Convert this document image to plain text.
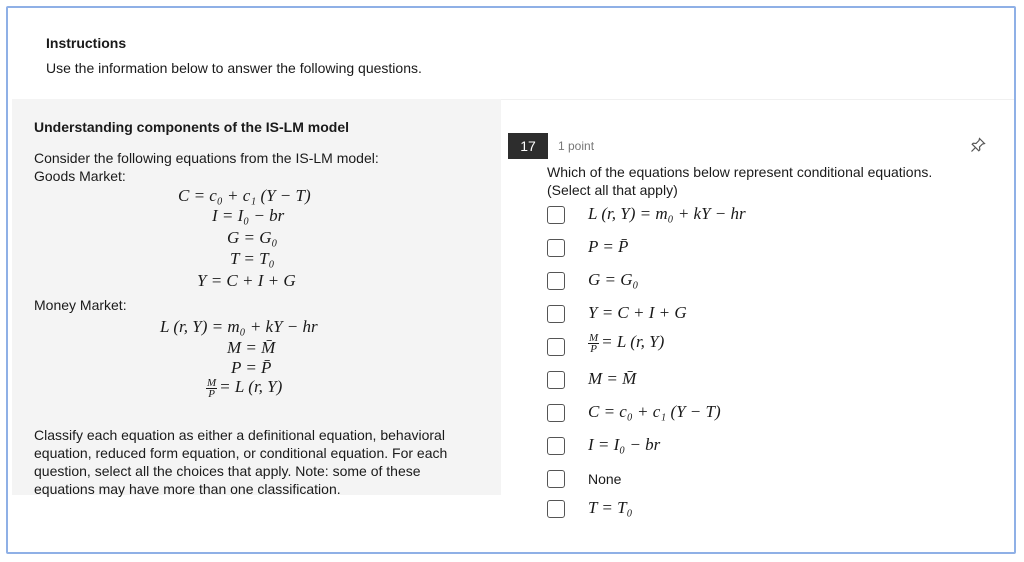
Instructions
Use the information below to answer the following questions.
Understanding components of the IS-LM model
Consider the following equations from the IS-LM model:
Goods Market:
C = c₀ + c₁ (Y − T)
I = I₀ − br
G = G₀
T = T₀
Y = C + I + G
Money Market:
L (r, Y) = m₀ + kY − hr
M = M̄
P = P̄
$\frac{M}{P} = L$ (r, Y)
Classify each equation as either a definitional equation, behavioral
equation, reduced form equation, or conditional equation. For each
question, select all the choices that apply. Note: some of these
equations may have more than one classification.
17	1 point
Which of the equations below represent conditional equations.
(Select all that apply)
L (r, Y) = m₀ + kY − hr
P = P̄
G = G₀
Y = C + I + G
$\frac{M}{P} = L$ (r, Y)
M = M̄
C = c₀ + c₁ (Y − T)
I = I₀ − br
None
T = T₀
